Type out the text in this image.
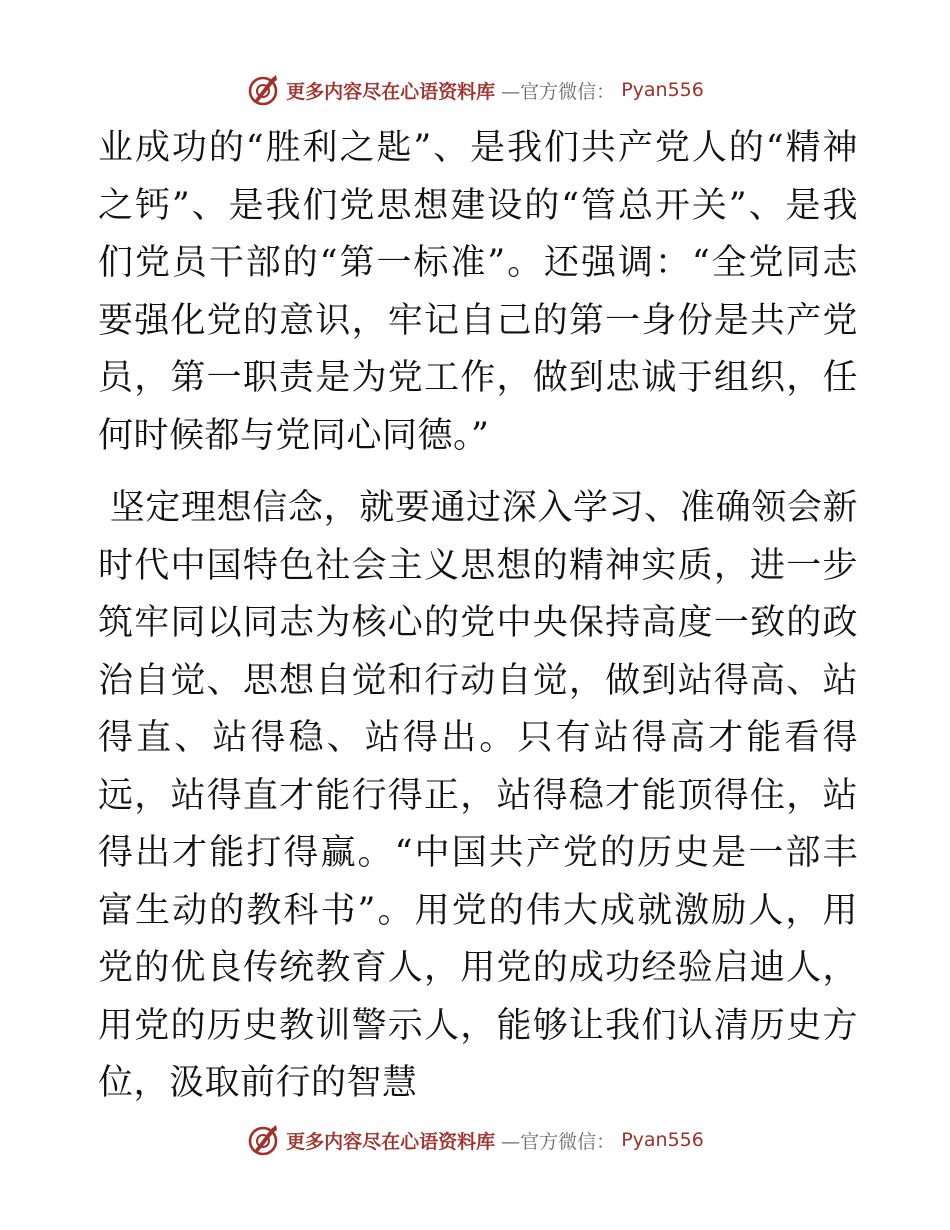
更多内容尽在心语资料库 —官方微信： Pyan556

业成功的“胜利之匙”、是我们共产党人的“精神之钙”、是我们党思想建设的“管总开关”、是我们党员干部的“第一标准”。还强调：“全党同志要强化党的意识，牢记自己的第一身份是共产党员，第一职责是为党工作，做到忠诚于组织，任何时候都与党同心同德。”

坚定理想信念，就要通过深入学习、准确领会新时代中国特色社会主义思想的精神实质，进一步筑牢同以同志为核心的党中央保持高度一致的政治自觉、思想自觉和行动自觉，做到站得高、站得直、站得稳、站得出。只有站得高才能看得远，站得直才能行得正，站得稳才能顶得住，站得出才能打得赢。“中国共产党的历史是一部丰富生动的教科书”。用党的伟大成就激励人，用党的优良传统教育人，用党的成功经验启迪人，用党的历史教训警示人，能够让我们认清历史方位，汲取前行的智慧

更多内容尽在心语资料库 —官方微信： Pyan556
